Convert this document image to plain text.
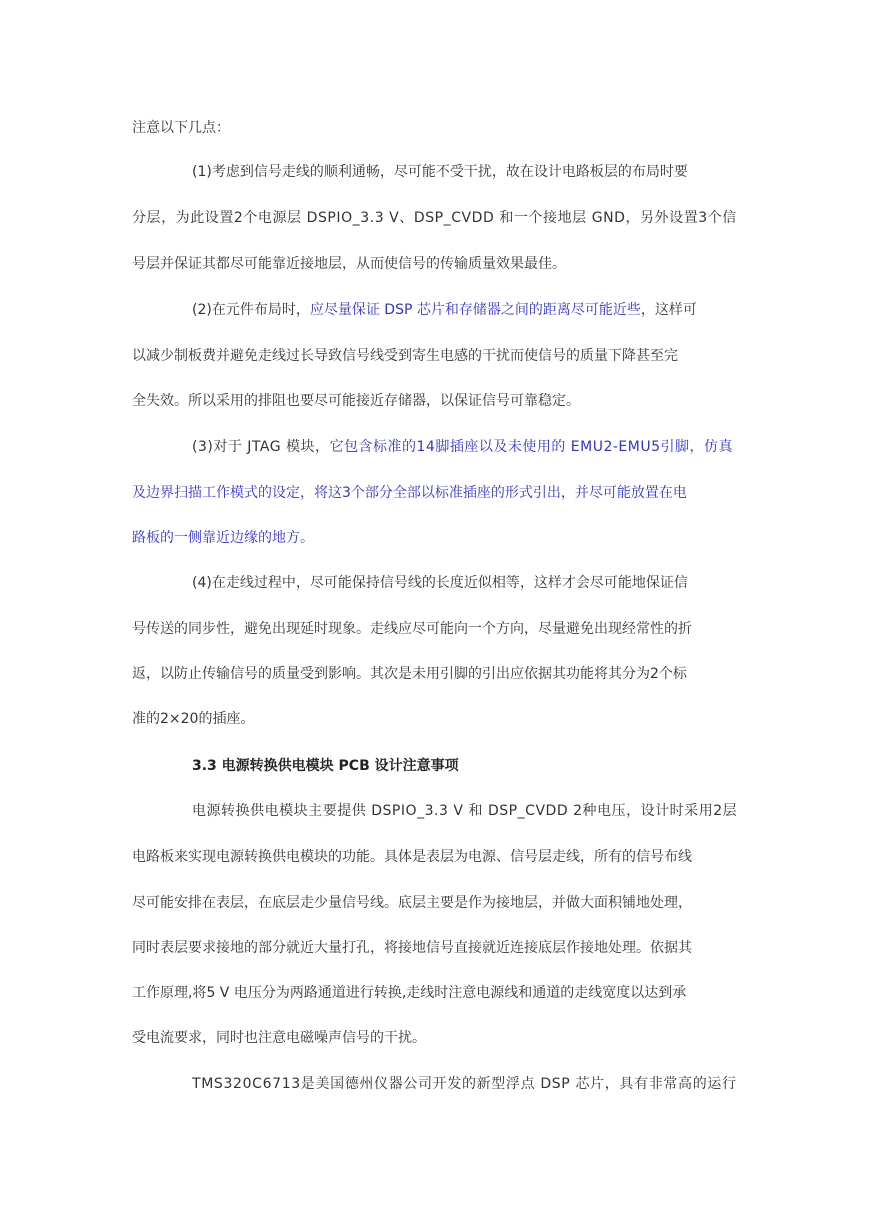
注意以下几点：
(1)考虑到信号走线的顺利通畅，尽可能不受干扰，故在设计电路板层的布局时要
分层，为此设置2个电源层 DSPIO_3.3 V、DSP_CVDD 和一个接地层 GND，另外设置3个信
号层并保证其都尽可能靠近接地层，从而使信号的传输质量效果最佳。
(2)在元件布局时，应尽量保证 DSP 芯片和存储器之间的距离尽可能近些，这样可
以减少制板费并避免走线过长导致信号线受到寄生电感的干扰而使信号的质量下降甚至完
全失效。所以采用的排阻也要尽可能接近存储器，以保证信号可靠稳定。
(3)对于 JTAG 模块，它包含标准的14脚插座以及未使用的 EMU2-EMU5引脚，仿真
及边界扫描工作模式的设定，将这3个部分全部以标准插座的形式引出，并尽可能放置在电
路板的一侧靠近边缘的地方。
(4)在走线过程中，尽可能保持信号线的长度近似相等，这样才会尽可能地保证信
号传送的同步性，避免出现延时现象。走线应尽可能向一个方向，尽量避免出现经常性的折
返，以防止传输信号的质量受到影响。其次是未用引脚的引出应依据其功能将其分为2个标
准的2×20的插座。
3.3 电源转换供电模块 PCB 设计注意事项
电源转换供电模块主要提供 DSPIO_3.3 V 和 DSP_CVDD 2种电压，设计时采用2层
电路板来实现电源转换供电模块的功能。具体是表层为电源、信号层走线，所有的信号布线
尽可能安排在表层，在底层走少量信号线。底层主要是作为接地层，并做大面积铺地处理，
同时表层要求接地的部分就近大量打孔，将接地信号直接就近连接底层作接地处理。依据其
工作原理,将5 V 电压分为两路通道进行转换,走线时注意电源线和通道的走线宽度以达到承
受电流要求，同时也注意电磁噪声信号的干扰。
TMS320C6713是美国德州仪器公司开发的新型浮点 DSP 芯片，具有非常高的运行
